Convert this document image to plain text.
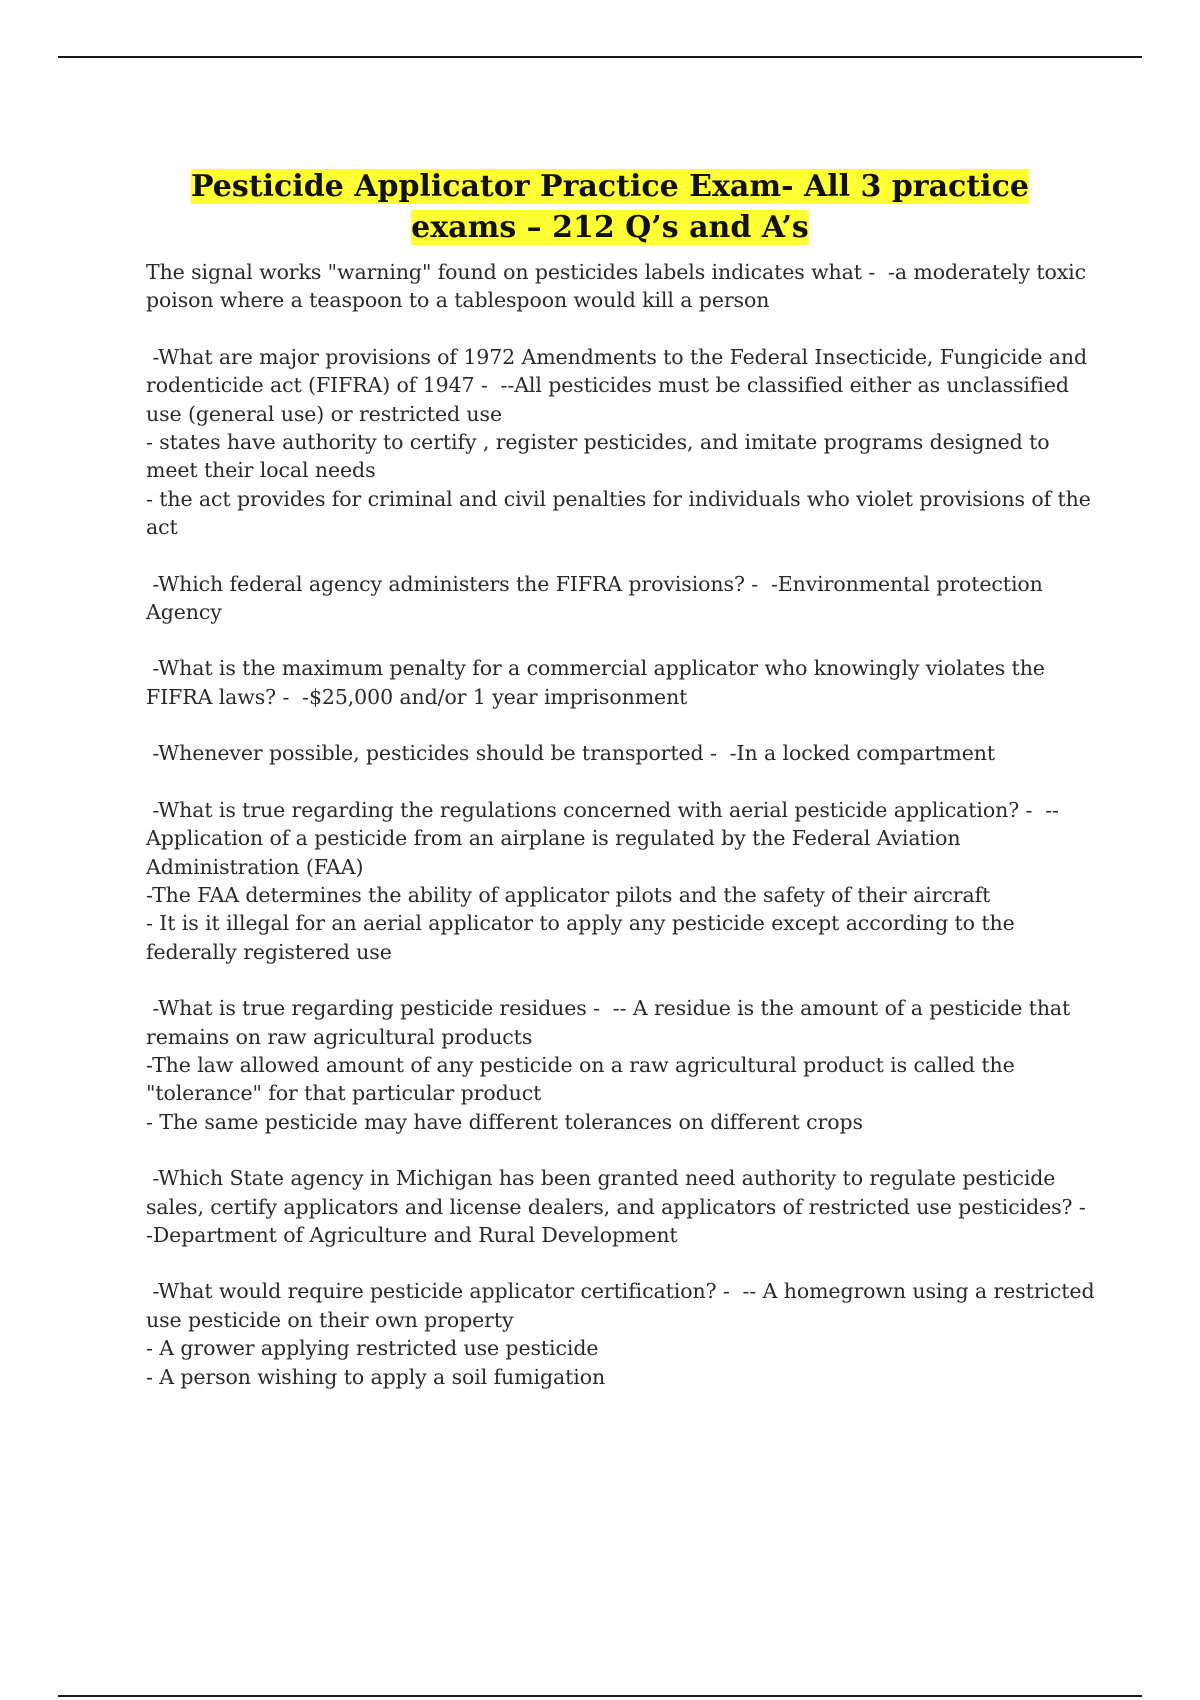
Pesticide Applicator Practice Exam- All 3 practice exams – 212 Q’s and A’s

The signal works "warning" found on pesticides labels indicates what -  -a moderately toxic poison where a teaspoon to a tablespoon would kill a person

-What are major provisions of 1972 Amendments to the Federal Insecticide, Fungicide and rodenticide act (FIFRA) of 1947 -  --All pesticides must be classified either as unclassified use (general use) or restricted use

- states have authority to certify , register pesticides, and imitate programs designed to meet their local needs

- the act provides for criminal and civil penalties for individuals who violet provisions of the act

-Which federal agency administers the FIFRA provisions? -  -Environmental protection Agency

-What is the maximum penalty for a commercial applicator who knowingly violates the FIFRA laws? -  -$25,000 and/or 1 year imprisonment

-Whenever possible, pesticides should be transported -  -In a locked compartment

-What is true regarding the regulations concerned with aerial pesticide application? -  --Application of a pesticide from an airplane is regulated by the Federal Aviation Administration (FAA)

-The FAA determines the ability of applicator pilots and the safety of their aircraft

- It is it illegal for an aerial applicator to apply any pesticide except according to the federally registered use

-What is true regarding pesticide residues -  -- A residue is the amount of a pesticide that remains on raw agricultural products

-The law allowed amount of any pesticide on a raw agricultural product is called the "tolerance" for that particular product

- The same pesticide may have different tolerances on different crops

-Which State agency in Michigan has been granted need authority to regulate pesticide sales, certify applicators and license dealers, and applicators of restricted use pesticides? -  -Department of Agriculture and Rural Development

-What would require pesticide applicator certification? -  -- A homegrown using a restricted use pesticide on their own property

- A grower applying restricted use pesticide

- A person wishing to apply a soil fumigation
